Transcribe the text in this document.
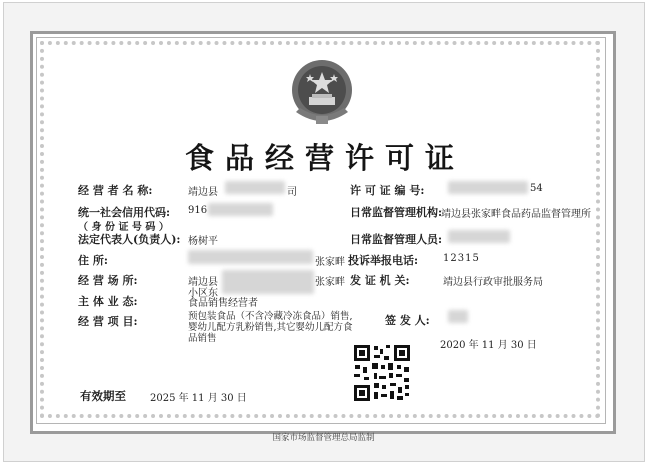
食品经营许可证
经 营 者 名 称:	靖边县	司	许 可 证 编 号:	54
统一社会信用代码: 916	日常监督管理机构:
靖边县张家畔食品药品监督管理所
（ 身 份 证 号 码 ）
法定代表人(负责人): 杨树平	日常监督管理人员:
住 所:	张家畔 投诉举报电话: 12315
经 营 场 所:	靖边县	张家畔
小区东
发 证 机 关:	靖边县行政审批服务局
主 体 业 态:	食品销售经营者
经 营 项 目:	预包装食品（不含冷藏冷冻食品）销售,婴幼儿配方乳粉销售,其它婴幼儿配方食品销售
签 发 人:
2020 年 11 月 30 日
有效期至 2025 年 11 月 30 日
国家市场监督管理总局监制
